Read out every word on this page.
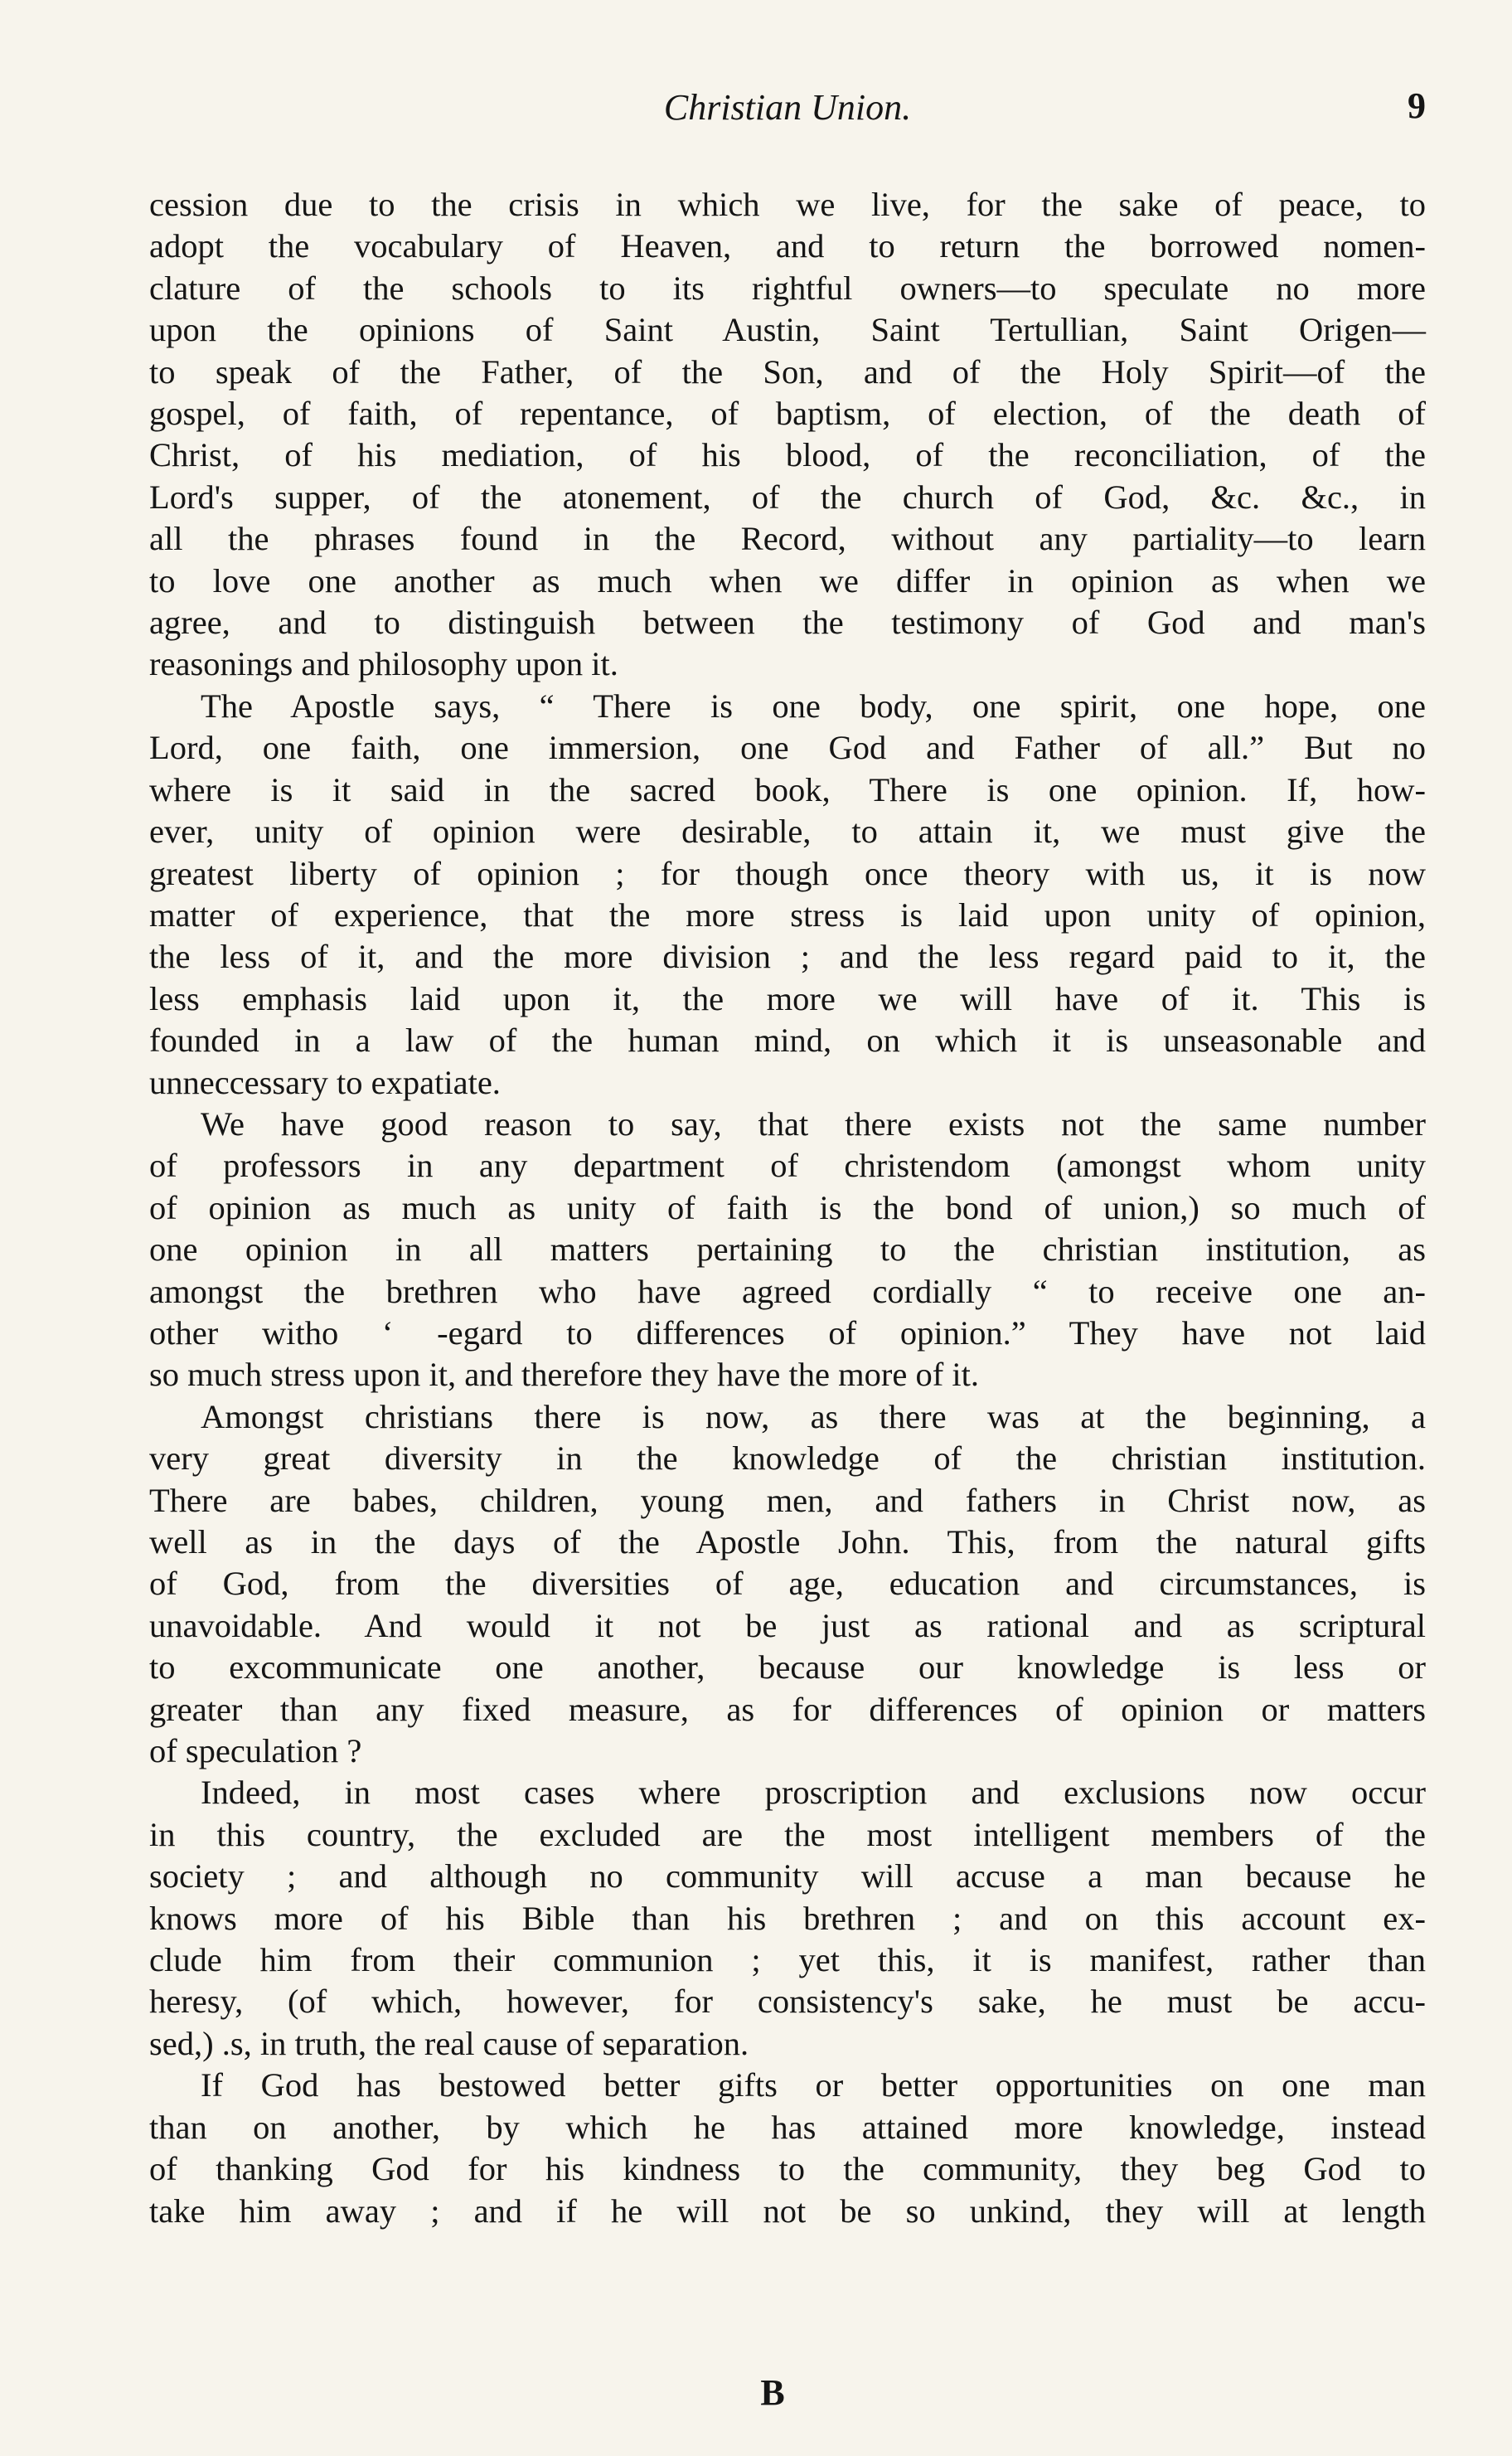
Christian Union.	9

cession due to the crisis in which we live, for the sake of peace, to

adopt the vocabulary of Heaven, and to return the borrowed nomen-

clature of the schools to its rightful owners—to speculate no more

upon the opinions of Saint Austin, Saint Tertullian, Saint Origen—

to speak of the Father, of the Son, and of the Holy Spirit—of the

gospel, of faith, of repentance, of baptism, of election, of the death of

Christ, of his mediation, of his blood, of the reconciliation, of the

Lord's supper, of the atonement, of the church of God, &c. &c., in

all the phrases found in the Record, without any partiality—to learn

to love one another as much when we differ in opinion as when we

agree, and to distinguish between the testimony of God and man's

reasonings and philosophy upon it.

The Apostle says, “ There is one body, one spirit, one hope, one

Lord, one faith, one immersion, one God and Father of all.” But no

where is it said in the sacred book, There is one opinion. If, how-

ever, unity of opinion were desirable, to attain it, we must give the

greatest liberty of opinion ; for though once theory with us, it is now

matter of experience, that the more stress is laid upon unity of opinion,

the less of it, and the more division ; and the less regard paid to it, the

less emphasis laid upon it, the more we will have of it. This is

founded in a law of the human mind, on which it is unseasonable and

unneccessary to expatiate.

We have good reason to say, that there exists not the same number

of professors in any department of christendom (amongst whom unity

of opinion as much as unity of faith is the bond of union,) so much of

one opinion in all matters pertaining to the christian institution, as

amongst the brethren who have agreed cordially “ to receive one an-

other witho ‘ -egard to differences of opinion.” They have not laid

so much stress upon it, and therefore they have the more of it.

Amongst christians there is now, as there was at the beginning, a

very great diversity in the knowledge of the christian institution.

There are babes, children, young men, and fathers in Christ now, as

well as in the days of the Apostle John. This, from the natural gifts

of God, from the diversities of age, education and circumstances, is

unavoidable. And would it not be just as rational and as scriptural

to excommunicate one another, because our knowledge is less or

greater than any fixed measure, as for differences of opinion or matters

of speculation ?

Indeed, in most cases where proscription and exclusions now occur

in this country, the excluded are the most intelligent members of the

society ; and although no community will accuse a man because he

knows more of his Bible than his brethren ; and on this account ex-

clude him from their communion ; yet this, it is manifest, rather than

heresy, (of which, however, for consistency's sake, he must be accu-

sed,) .s, in truth, the real cause of separation.

If God has bestowed better gifts or better opportunities on one man

than on another, by which he has attained more knowledge, instead

of thanking God for his kindness to the community, they beg God to

take him away ; and if he will not be so unkind, they will at length

B
